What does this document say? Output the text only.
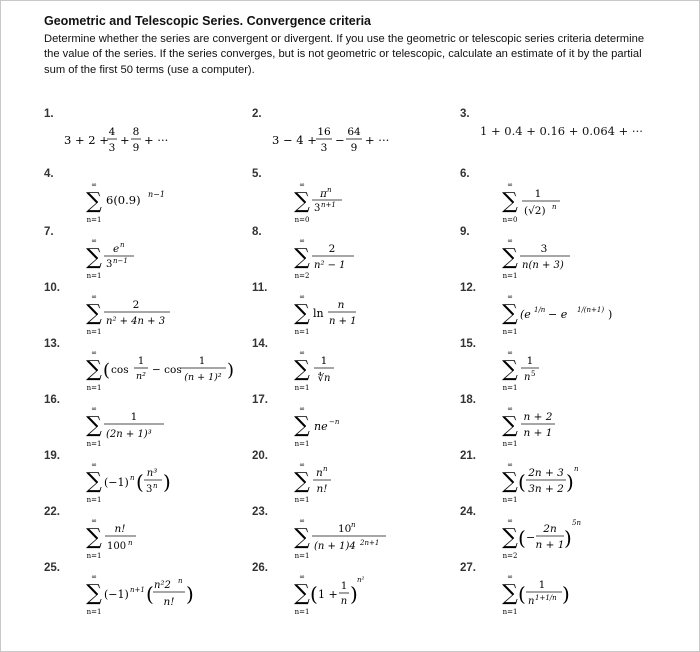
Geometric and Telescopic Series. Convergence criteria
Determine whether the series are convergent or divergent. If you use the geometric or telescopic series criteria determine the value of the series. If the series converges, but is not geometric or telescopic, calculate an estimate of it by the partial sum of the first 50 terms (use a computer).
1.	2.	3.
4.	5.	6.
7.	8.	9.
10.	11.	12.
13.	14.	15.
16.	17.	18.
19.	20.	21.
22.	23.	24.
25.	26.	27.
3 + 2 +
4
3
+
8
9
+ ···	3 − 4 +
16
3
−
64
9
+ ···
1 + 0.4 + 0.16 + 0.064 + ···
∞
∑
n=1
6(0.9) n−1
∞
∑
n=0
π n
3 n+1
∞
∑
n=0
1
(√2) n
∞
∑
n=1
e n
3 n−1
∞
∑
n=2
2
n² − 1
∞
∑
n=1
3
n(n + 3)
∞
∑
n=1
2
n² + 4n + 3
∞
∑
n=1
ln
n
n + 1
∞
∑
n=1
(e 1/n − e 1/(n+1) )
∞
∑
n=1
( cos
1
n²
− cos
1
(n + 1)² )
∞
∑
n=1
1
∜n
∞
∑
n=1
1
n 5
∞
∑
n=1
1
(2n + 1)³
∞
∑
n=1
ne −n
∞
∑
n=1
n + 2
n + 1
∞
∑
n=1
(−1) n ( n³
3 n )
∞
∑
n=1
n n
n!
∞
∑
n=1
( 2n + 3
3n + 2 )
n
∞
∑
n=1
n!
100 n
∞
∑
n=1
10 n
(n + 1)4 2n+1
∞
∑
n=2
( −
2n
n + 1 )
5n
∞
∑
n=1
(−1) n+1 ( n²2 n
n! )
∞
∑
n=1
( 1 +
1
n )
n²	∞
∑
n=1
( 1
n 1+1/n )
